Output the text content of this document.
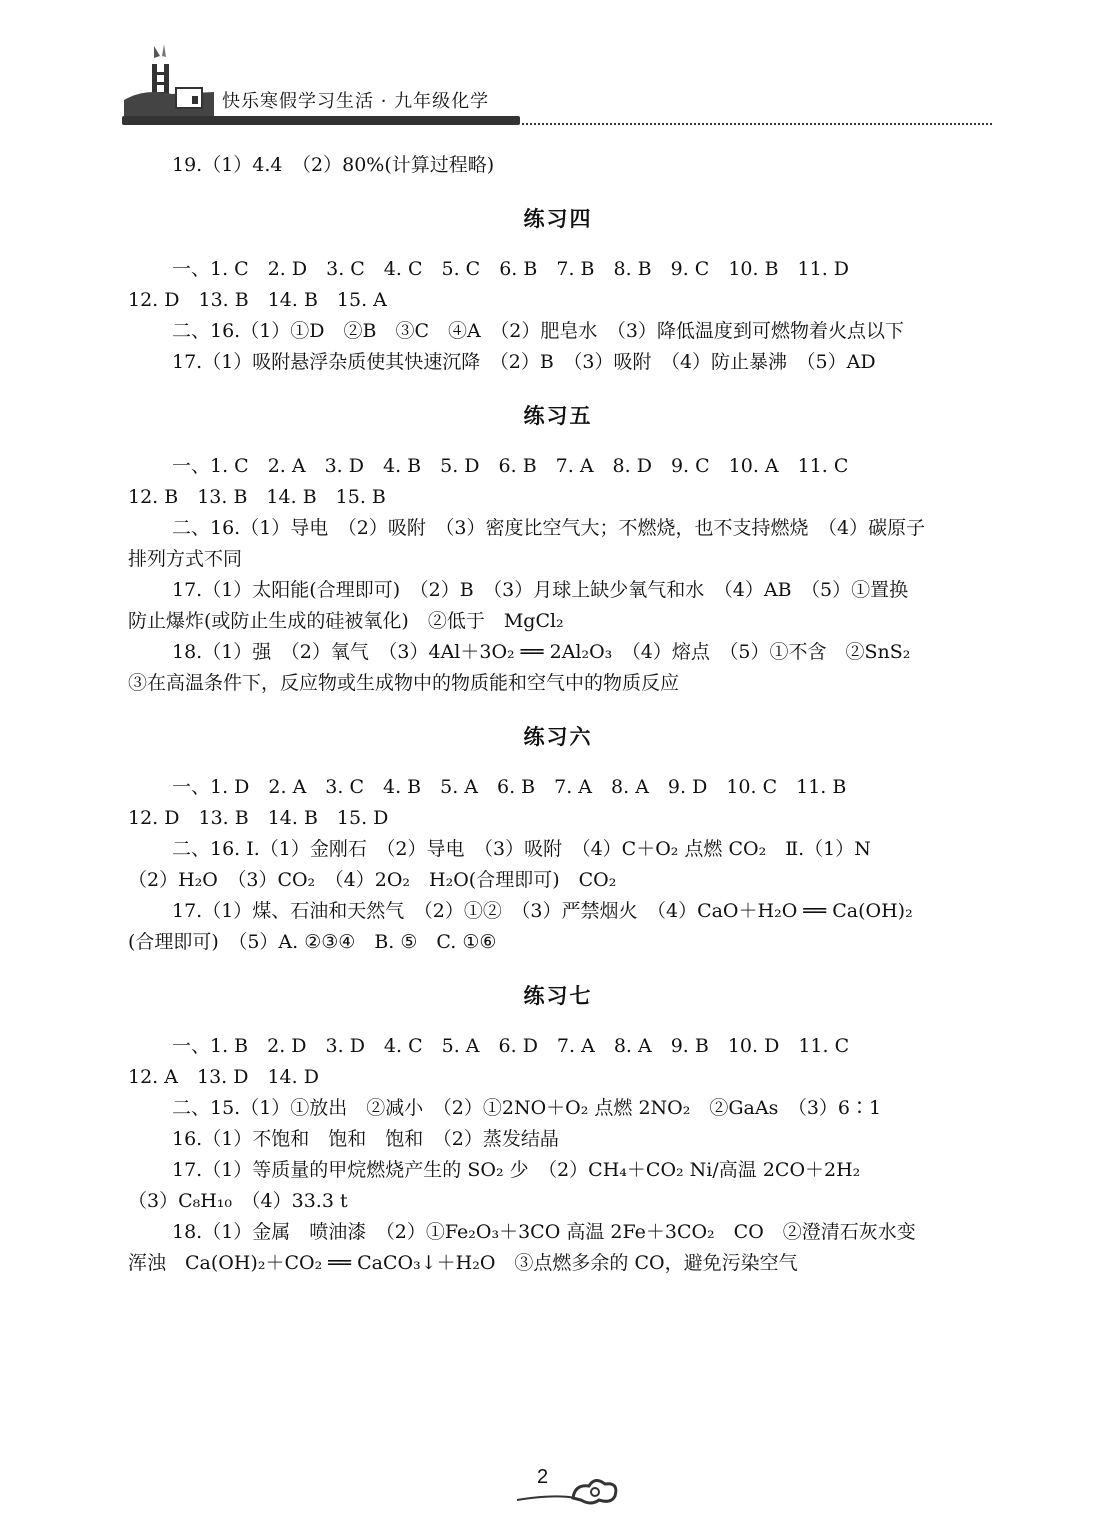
快乐寒假学习生活 · 九年级化学
19.（1）4.4　（2）80%(计算过程略)
练习四
一、1. C　2. D　3. C　4. C　5. C　6. B　7. B　8. B　9. C　10. B　11. D
12. D　13. B　14. B　15. A
二、16.（1）①D　②B　③C　④A　（2）肥皂水　（3）降低温度到可燃物着火点以下
17.（1）吸附悬浮杂质使其快速沉降　（2）B　（3）吸附　（4）防止暴沸　（5）AD
练习五
一、1. C　2. A　3. D　4. B　5. D　6. B　7. A　8. D　9. C　10. A　11. C
12. B　13. B　14. B　15. B
二、16.（1）导电　（2）吸附　（3）密度比空气大；不燃烧，也不支持燃烧　（4）碳原子
排列方式不同
17.（1）太阳能(合理即可)　（2）B　（3）月球上缺少氧气和水　（4）AB　（5）①置换
防止爆炸(或防止生成的硅被氧化)　②低于　MgCl₂
18.（1）强　（2）氧气　（3）4Al＋3O₂ ══ 2Al₂O₃　（4）熔点　（5）①不含　②SnS₂
③在高温条件下，反应物或生成物中的物质能和空气中的物质反应
练习六
一、1. D　2. A　3. C　4. B　5. A　6. B　7. A　8. A　9. D　10. C　11. B
12. D　13. B　14. B　15. D
二、16. Ⅰ.（1）金刚石　（2）导电　（3）吸附　（4）C＋O₂ 点燃 CO₂　Ⅱ.（1）N
（2）H₂O　（3）CO₂　（4）2O₂　H₂O(合理即可)　CO₂
17.（1）煤、石油和天然气　（2）①②　（3）严禁烟火　（4）CaO＋H₂O ══ Ca(OH)₂
(合理即可)　（5）A. ②③④　B. ⑤　C. ①⑥
练习七
一、1. B　2. D　3. D　4. C　5. A　6. D　7. A　8. A　9. B　10. D　11. C
12. A　13. D　14. D
二、15.（1）①放出　②减小　（2）①2NO＋O₂ 点燃 2NO₂　②GaAs　（3）6∶1
16.（1）不饱和　饱和　饱和　（2）蒸发结晶
17.（1）等质量的甲烷燃烧产生的 SO₂ 少　（2）CH₄＋CO₂ Ni/高温 2CO＋2H₂
（3）C₈H₁₀　（4）33.3 t
18.（1）金属　喷油漆　（2）①Fe₂O₃＋3CO 高温 2Fe＋3CO₂　CO　②澄清石灰水变
浑浊　Ca(OH)₂＋CO₂ ══ CaCO₃↓＋H₂O　③点燃多余的 CO，避免污染空气
2
